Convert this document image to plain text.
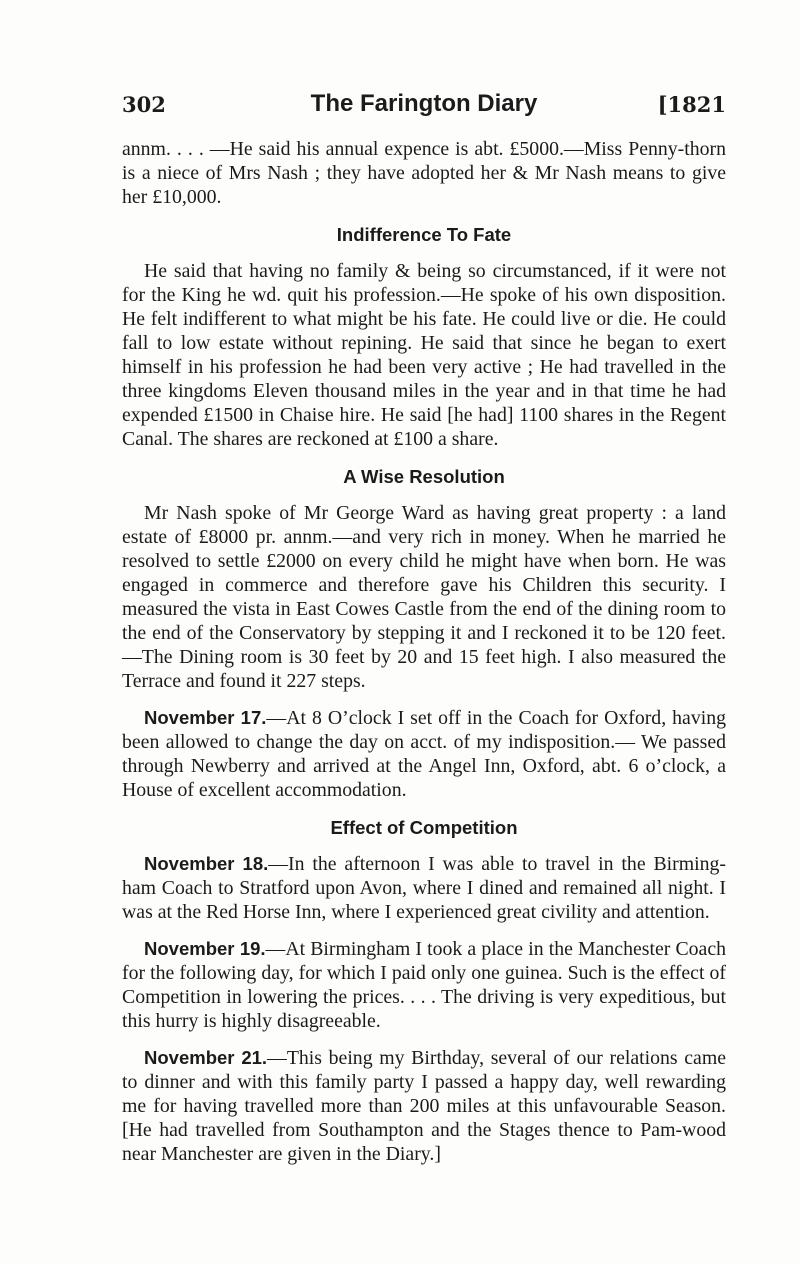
302	The Farington Diary	[1821

annm. . . . —He said his annual expence is abt. £5000.—Miss Penny-thorn is a niece of Mrs Nash ; they have adopted her & Mr Nash means to give her £10,000.

Indifference To Fate

He said that having no family & being so circumstanced, if it were not for the King he wd. quit his profession.—He spoke of his own disposition. He felt indifferent to what might be his fate. He could live or die. He could fall to low estate without repining. He said that since he began to exert himself in his profession he had been very active ; He had travelled in the three kingdoms Eleven thousand miles in the year and in that time he had expended £1500 in Chaise hire. He said [he had] 1100 shares in the Regent Canal. The shares are reckoned at £100 a share.

A Wise Resolution

Mr Nash spoke of Mr George Ward as having great property : a land estate of £8000 pr. annm.—and very rich in money. When he married he resolved to settle £2000 on every child he might have when born. He was engaged in commerce and therefore gave his Children this security. I measured the vista in East Cowes Castle from the end of the dining room to the end of the Conservatory by stepping it and I reckoned it to be 120 feet.—The Dining room is 30 feet by 20 and 15 feet high. I also measured the Terrace and found it 227 steps.

November 17.—At 8 O’clock I set off in the Coach for Oxford, having been allowed to change the day on acct. of my indisposition.— We passed through Newberry and arrived at the Angel Inn, Oxford, abt. 6 o’clock, a House of excellent accommodation.

Effect of Competition

November 18.—In the afternoon I was able to travel in the Birming-ham Coach to Stratford upon Avon, where I dined and remained all night. I was at the Red Horse Inn, where I experienced great civility and attention.

November 19.—At Birmingham I took a place in the Manchester Coach for the following day, for which I paid only one guinea. Such is the effect of Competition in lowering the prices. . . . The driving is very expeditious, but this hurry is highly disagreeable.

November 21.—This being my Birthday, several of our relations came to dinner and with this family party I passed a happy day, well rewarding me for having travelled more than 200 miles at this unfavourable Season. [He had travelled from Southampton and the Stages thence to Pam-wood near Manchester are given in the Diary.]
